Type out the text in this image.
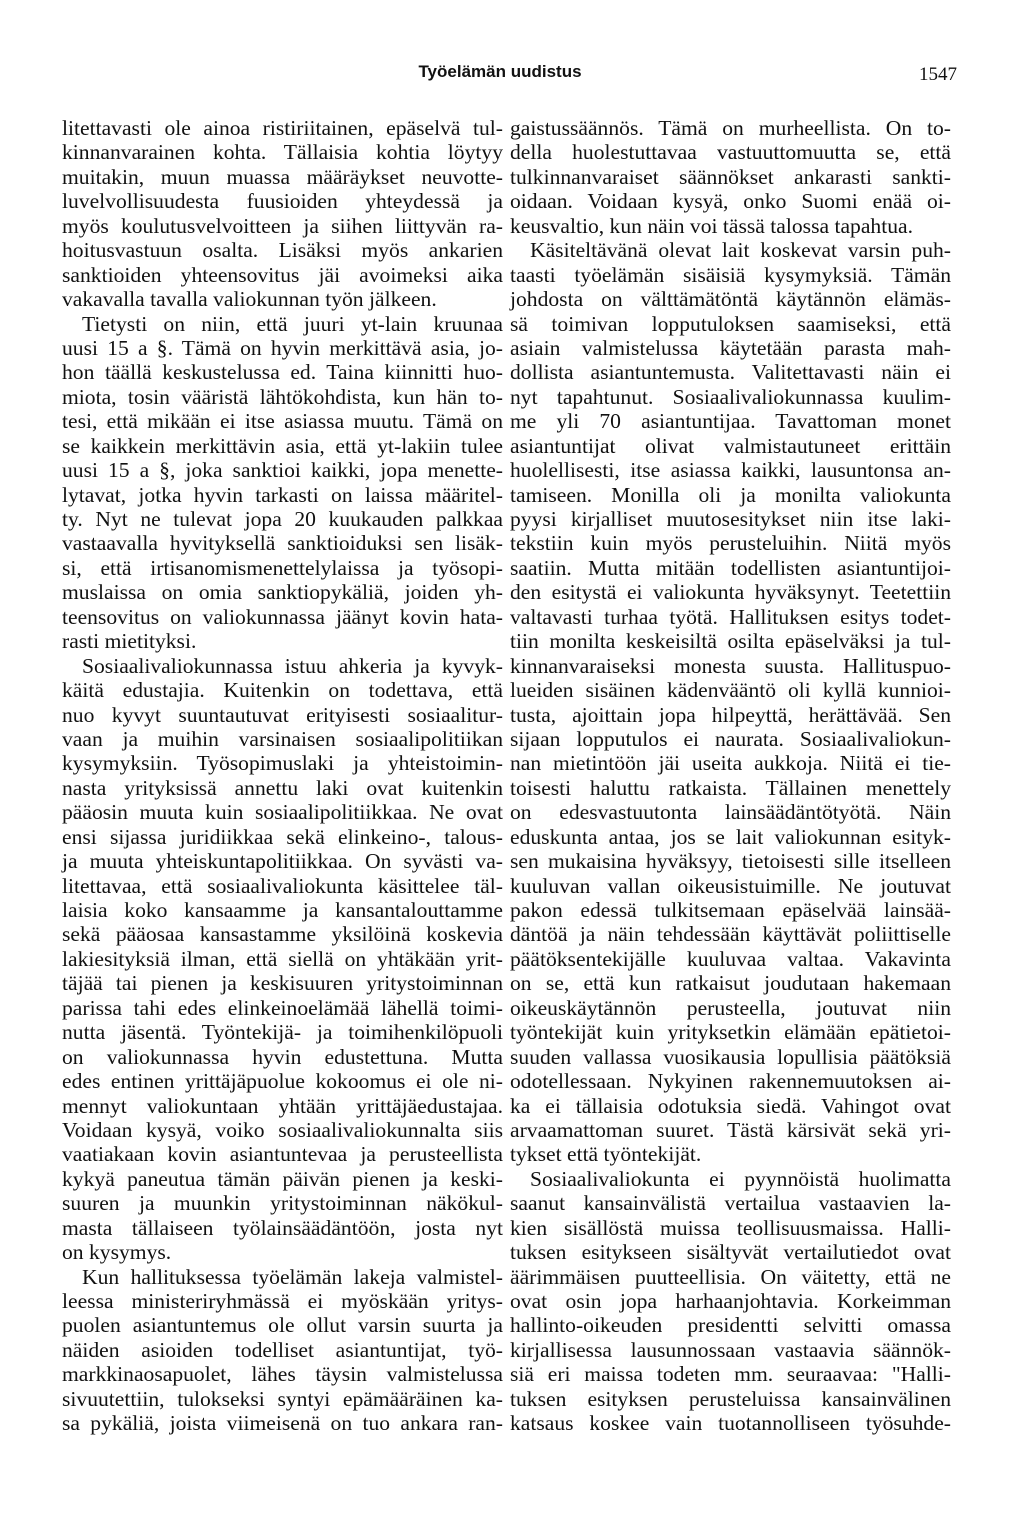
Työelämän uudistus	1547
litettavasti ole ainoa ristiriitainen, epäselvä tul-
kinnanvarainen kohta. Tällaisia kohtia löytyy
muitakin, muun muassa määräykset neuvotte-
luvelvollisuudesta fuusioiden yhteydessä ja
myös koulutusvelvoitteen ja siihen liittyvän ra-
hoitusvastuun osalta. Lisäksi myös ankarien
sanktioiden yhteensovitus jäi avoimeksi aika
vakavalla tavalla valiokunnan työn jälkeen.
Tietysti on niin, että juuri yt-lain kruunaa
uusi 15 a §. Tämä on hyvin merkittävä asia, jo-
hon täällä keskustelussa ed. Taina kiinnitti huo-
miota, tosin vääristä lähtökohdista, kun hän to-
tesi, että mikään ei itse asiassa muutu. Tämä on
se kaikkein merkittävin asia, että yt-lakiin tulee
uusi 15 a §, joka sanktioi kaikki, jopa menette-
lytavat, jotka hyvin tarkasti on laissa määritel-
ty. Nyt ne tulevat jopa 20 kuukauden palkkaa
vastaavalla hyvityksellä sanktioiduksi sen lisäk-
si, että irtisanomismenettelylaissa ja työsopi-
muslaissa on omia sanktiopykäliä, joiden yh-
teensovitus on valiokunnassa jäänyt kovin hata-
rasti mietityksi.
Sosiaalivaliokunnassa istuu ahkeria ja kyvyk-
käitä edustajia. Kuitenkin on todettava, että
nuo kyvyt suuntautuvat erityisesti sosiaalitur-
vaan ja muihin varsinaisen sosiaalipolitiikan
kysymyksiin. Työsopimuslaki ja yhteistoimin-
nasta yrityksissä annettu laki ovat kuitenkin
pääosin muuta kuin sosiaalipolitiikkaa. Ne ovat
ensi sijassa juridiikkaa sekä elinkeino-, talous-
ja muuta yhteiskuntapolitiikkaa. On syvästi va-
litettavaa, että sosiaalivaliokunta käsittelee täl-
laisia koko kansaamme ja kansantalouttamme
sekä pääosaa kansastamme yksilöinä koskevia
lakiesityksiä ilman, että siellä on yhtäkään yrit-
täjää tai pienen ja keskisuuren yritystoiminnan
parissa tahi edes elinkeinoelämää lähellä toimi-
nutta jäsentä. Työntekijä- ja toimihenkilöpuoli
on valiokunnassa hyvin edustettuna. Mutta
edes entinen yrittäjäpuolue kokoomus ei ole ni-
mennyt valiokuntaan yhtään yrittäjäedustajaa.
Voidaan kysyä, voiko sosiaalivaliokunnalta siis
vaatiakaan kovin asiantuntevaa ja perusteellista
kykyä paneutua tämän päivän pienen ja keski-
suuren ja muunkin yritystoiminnan näkökul-
masta tällaiseen työlainsäädäntöön, josta nyt
on kysymys.
Kun hallituksessa työelämän lakeja valmistel-
leessa ministeriryhmässä ei myöskään yritys-
puolen asiantuntemus ole ollut varsin suurta ja
näiden asioiden todelliset asiantuntijat, työ-
markkinaosapuolet, lähes täysin valmistelussa
sivuutettiin, tulokseksi syntyi epämääräinen ka-
sa pykäliä, joista viimeisenä on tuo ankara ran-
gaistussäännös. Tämä on murheellista. On to-
della huolestuttavaa vastuuttomuutta se, että
tulkinnanvaraiset säännökset ankarasti sankti-
oidaan. Voidaan kysyä, onko Suomi enää oi-
keusvaltio, kun näin voi tässä talossa tapahtua.
Käsiteltävänä olevat lait koskevat varsin puh-
taasti työelämän sisäisiä kysymyksiä. Tämän
johdosta on välttämätöntä käytännön elämäs-
sä toimivan lopputuloksen saamiseksi, että
asiain valmistelussa käytetään parasta mah-
dollista asiantuntemusta. Valitettavasti näin ei
nyt tapahtunut. Sosiaalivaliokunnassa kuulim-
me yli 70 asiantuntijaa. Tavattoman monet
asiantuntijat olivat valmistautuneet erittäin
huolellisesti, itse asiassa kaikki, lausuntonsa an-
tamiseen. Monilla oli ja monilta valiokunta
pyysi kirjalliset muutosesitykset niin itse laki-
tekstiin kuin myös perusteluihin. Niitä myös
saatiin. Mutta mitään todellisten asiantuntijoi-
den esitystä ei valiokunta hyväksynyt. Teetettiin
valtavasti turhaa työtä. Hallituksen esitys todet-
tiin monilta keskeisiltä osilta epäselväksi ja tul-
kinnanvaraiseksi monesta suusta. Hallituspuo-
lueiden sisäinen kädenvääntö oli kyllä kunnioi-
tusta, ajoittain jopa hilpeyttä, herättävää. Sen
sijaan lopputulos ei naurata. Sosiaalivaliokun-
nan mietintöön jäi useita aukkoja. Niitä ei tie-
toisesti haluttu ratkaista. Tällainen menettely
on edesvastuutonta lainsäädäntötyötä. Näin
eduskunta antaa, jos se lait valiokunnan esityk-
sen mukaisina hyväksyy, tietoisesti sille itselleen
kuuluvan vallan oikeusistuimille. Ne joutuvat
pakon edessä tulkitsemaan epäselvää lainsää-
däntöä ja näin tehdessään käyttävät poliittiselle
päätöksentekijälle kuuluvaa valtaa. Vakavinta
on se, että kun ratkaisut joudutaan hakemaan
oikeuskäytännön perusteella, joutuvat niin
työntekijät kuin yrityksetkin elämään epätietoi-
suuden vallassa vuosikausia lopullisia päätöksiä
odotellessaan. Nykyinen rakennemuutoksen ai-
ka ei tällaisia odotuksia siedä. Vahingot ovat
arvaamattoman suuret. Tästä kärsivät sekä yri-
tykset että työntekijät.
Sosiaalivaliokunta ei pyynnöistä huolimatta
saanut kansainvälistä vertailua vastaavien la-
kien sisällöstä muissa teollisuusmaissa. Halli-
tuksen esitykseen sisältyvät vertailutiedot ovat
äärimmäisen puutteellisia. On väitetty, että ne
ovat osin jopa harhaanjohtavia. Korkeimman
hallinto-oikeuden presidentti selvitti omassa
kirjallisessa lausunnossaan vastaavia säännök-
siä eri maissa todeten mm. seuraavaa: "Halli-
tuksen esityksen perusteluissa kansainvälinen
katsaus koskee vain tuotannolliseen työsuhde-
